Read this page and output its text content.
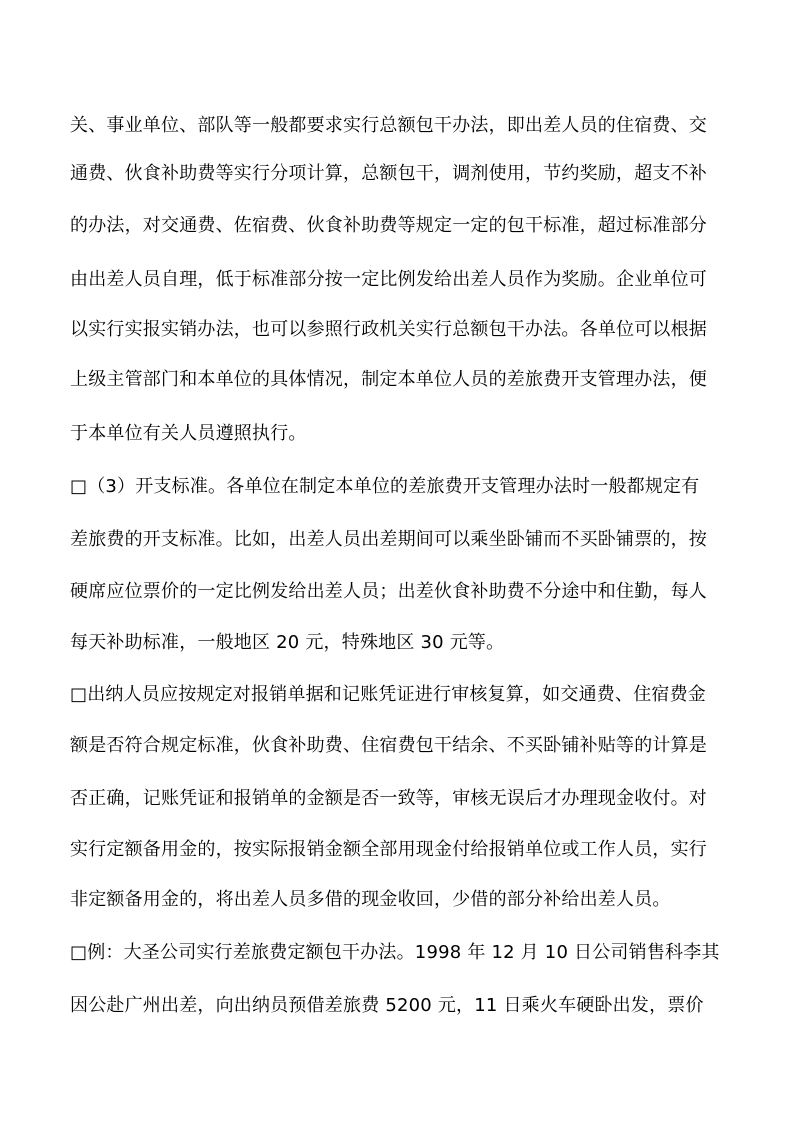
关、事业单位、部队等一般都要求实行总额包干办法，即出差人员的住宿费、交
通费、伙食补助费等实行分项计算，总额包干，调剂使用，节约奖励，超支不补
的办法，对交通费、佐宿费、伙食补助费等规定一定的包干标准，超过标准部分
由出差人员自理，低于标准部分按一定比例发给出差人员作为奖励。企业单位可
以实行实报实销办法，也可以参照行政机关实行总额包干办法。各单位可以根据
上级主管部门和本单位的具体情况，制定本单位人员的差旅费开支管理办法，便
于本单位有关人员遵照执行。
□（3）开支标准。各单位在制定本单位的差旅费开支管理办法时一般都规定有
差旅费的开支标准。比如，出差人员出差期间可以乘坐卧铺而不买卧铺票的，按
硬席应位票价的一定比例发给出差人员；出差伙食补助费不分途中和住勤，每人
每天补助标准，一般地区 20 元，特殊地区 30 元等。
□出纳人员应按规定对报销单据和记账凭证进行审核复算，如交通费、住宿费金
额是否符合规定标准，伙食补助费、住宿费包干结余、不买卧铺补贴等的计算是
否正确，记账凭证和报销单的金额是否一致等，审核无误后才办理现金收付。对
实行定额备用金的，按实际报销金额全部用现金付给报销单位或工作人员，实行
非定额备用金的，将出差人员多借的现金收回，少借的部分补给出差人员。
□例：大圣公司实行差旅费定额包干办法。1998 年 12 月 10 日公司销售科李其
因公赴广州出差，向出纳员预借差旅费 5200 元，11 日乘火车硬卧出发，票价
